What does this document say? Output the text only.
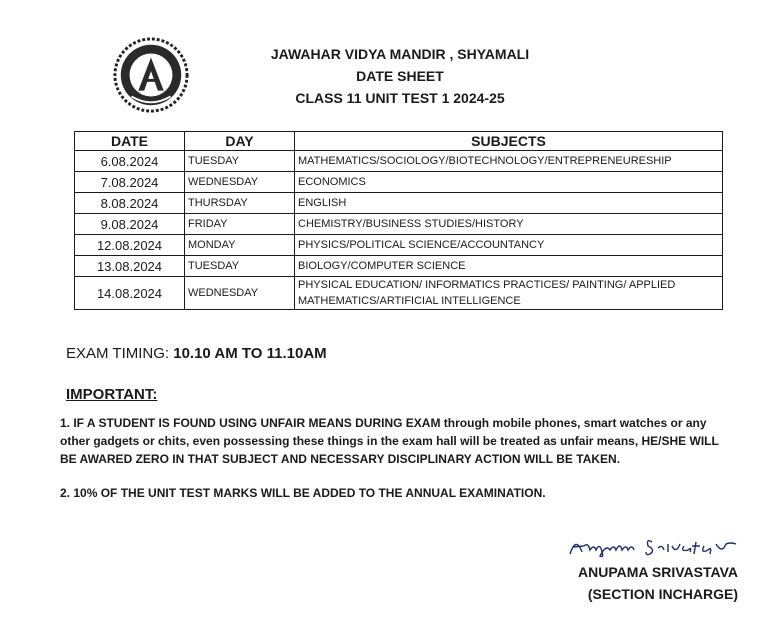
JAWAHAR VIDYA MANDIR , SHYAMALI
DATE SHEET
CLASS 11 UNIT TEST 1 2024-25
DATE	DAY	SUBJECTS
6.08.2024	TUESDAY	MATHEMATICS/SOCIOLOGY/BIOTECHNOLOGY/ENTREPRENEURESHIP
7.08.2024	WEDNESDAY	ECONOMICS
8.08.2024	THURSDAY	ENGLISH
9.08.2024	FRIDAY	CHEMISTRY/BUSINESS STUDIES/HISTORY
12.08.2024	MONDAY	PHYSICS/POLITICAL SCIENCE/ACCOUNTANCY
13.08.2024	TUESDAY	BIOLOGY/COMPUTER SCIENCE
14.08.2024	WEDNESDAY	PHYSICAL EDUCATION/ INFORMATICS PRACTICES/ PAINTING/ APPLIED MATHEMATICS/ARTIFICIAL INTELLIGENCE
EXAM TIMING: 10.10 AM TO 11.10AM
IMPORTANT:
1. IF A STUDENT IS FOUND USING UNFAIR MEANS DURING EXAM through mobile phones, smart watches or any other gadgets or chits, even possessing these things in the exam hall will be treated as unfair means, HE/SHE WILL BE AWARED ZERO IN THAT SUBJECT AND NECESSARY DISCIPLINARY ACTION WILL BE TAKEN.
2. 10% OF THE UNIT TEST MARKS WILL BE ADDED TO THE ANNUAL EXAMINATION.
ANUPAMA SRIVASTAVA
(SECTION INCHARGE)
